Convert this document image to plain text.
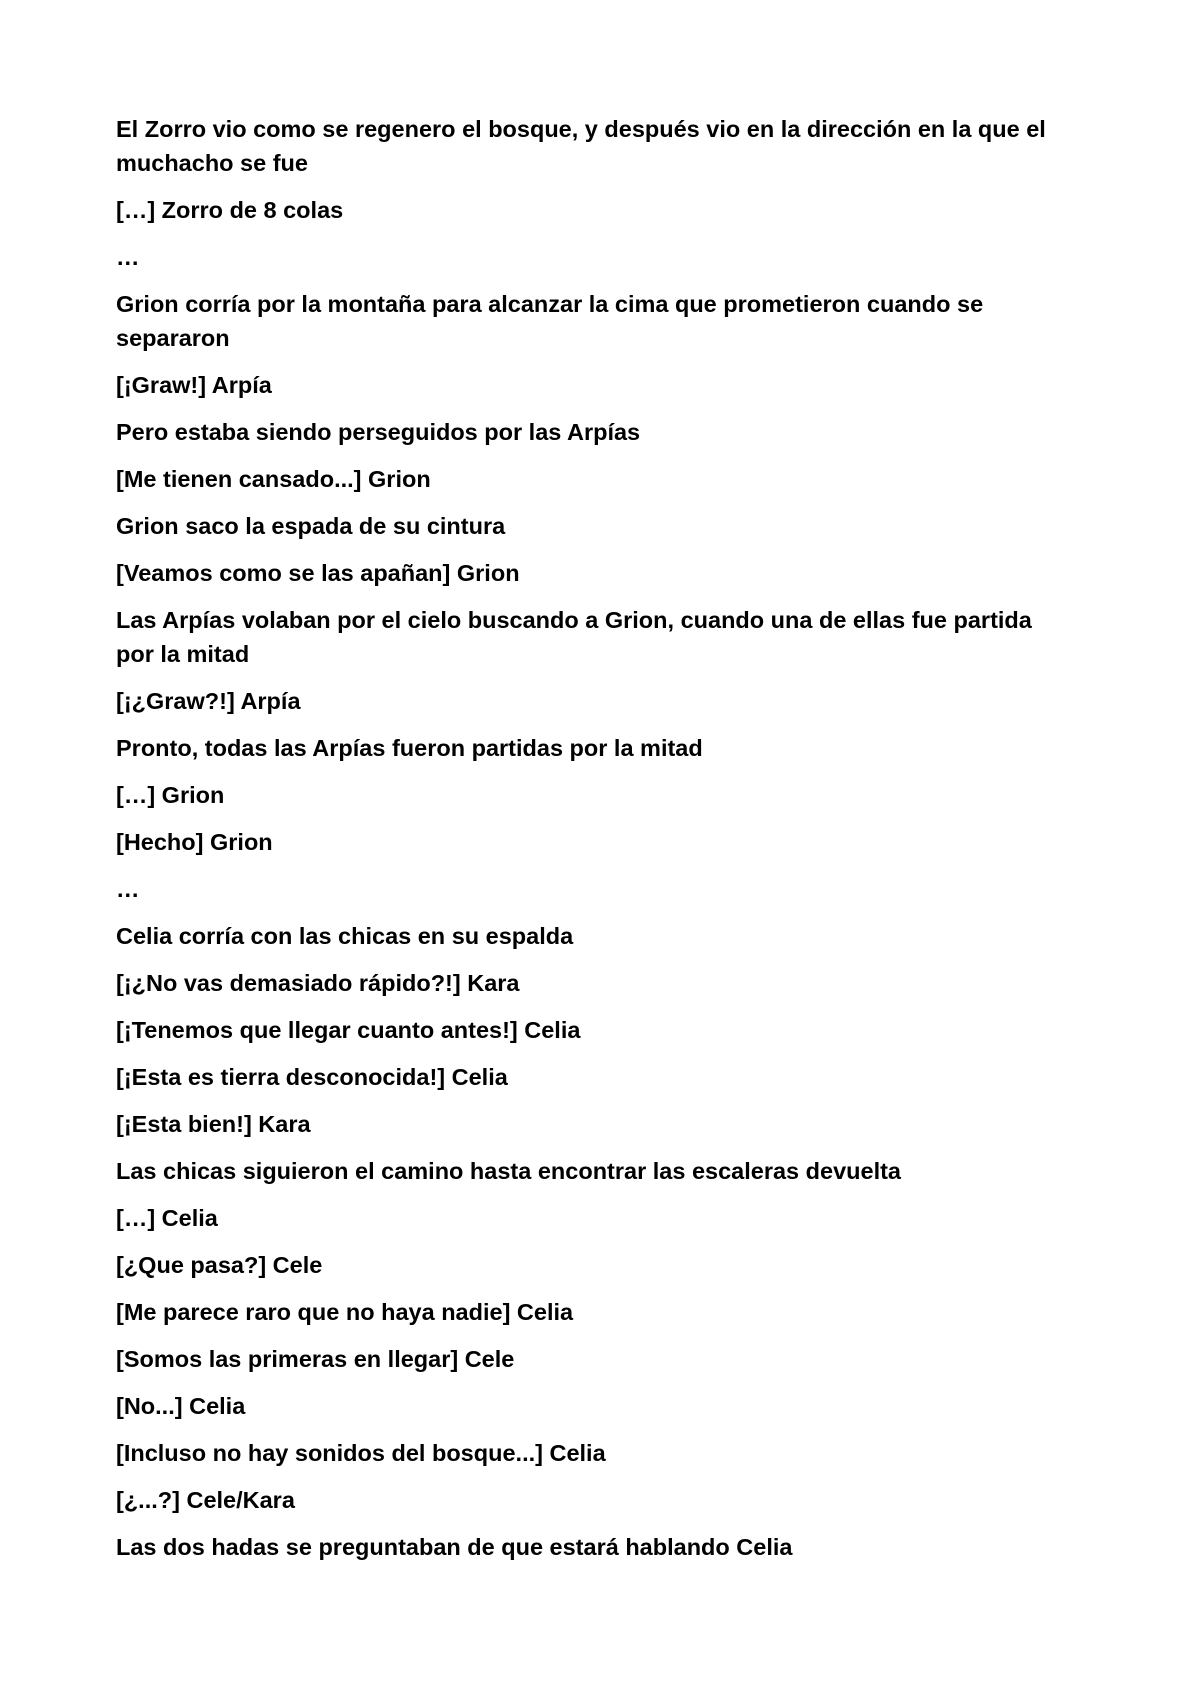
El Zorro vio como se regenero el bosque, y después vio en la dirección en la que el muchacho se fue

[…] Zorro de 8 colas

…

Grion corría por la montaña para alcanzar la cima que prometieron cuando se separaron

[¡Graw!] Arpía

Pero estaba siendo perseguidos por las Arpías

[Me tienen cansado...] Grion

Grion saco la espada de su cintura

[Veamos como se las apañan] Grion

Las Arpías volaban por el cielo buscando a Grion, cuando una de ellas fue partida por la mitad

[¡¿Graw?!] Arpía

Pronto, todas las Arpías fueron partidas por la mitad

[…] Grion

[Hecho] Grion

…

Celia corría con las chicas en su espalda

[¡¿No vas demasiado rápido?!] Kara

[¡Tenemos que llegar cuanto antes!] Celia

[¡Esta es tierra desconocida!] Celia

[¡Esta bien!] Kara

Las chicas siguieron el camino hasta encontrar las escaleras devuelta

[…] Celia

[¿Que pasa?] Cele

[Me parece raro que no haya nadie] Celia

[Somos las primeras en llegar] Cele

[No...] Celia

[Incluso no hay sonidos del bosque...] Celia

[¿...?] Cele/Kara

Las dos hadas se preguntaban de que estará hablando Celia
